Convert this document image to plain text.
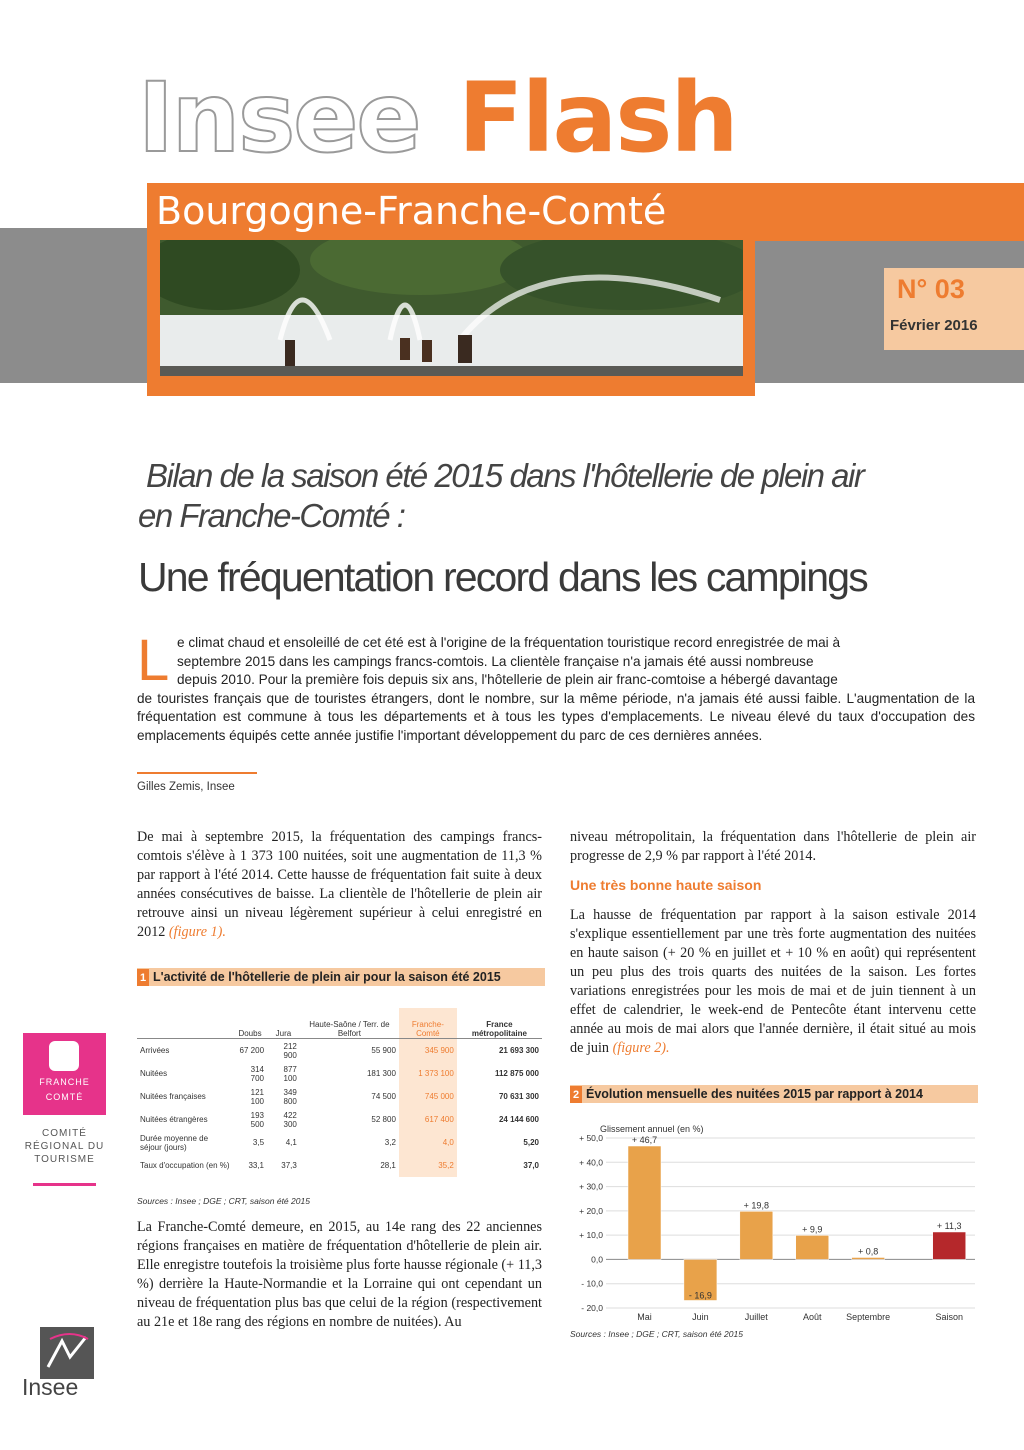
Insee Flash
Bourgogne-Franche-Comté
N° 03
Février 2016
Bilan de la saison été 2015 dans l'hôtellerie de plein air
en Franche-Comté :
Une fréquentation record dans les campings
L e climat chaud et ensoleillé de cet été est à l'origine de la fréquentation touristique record enregistrée de mai à
septembre 2015 dans les campings francs-comtois. La clientèle française n'a jamais été aussi nombreuse
depuis 2010. Pour la première fois depuis six ans, l'hôtellerie de plein air franc-comtoise a hébergé davantage
de touristes français que de touristes étrangers, dont le nombre, sur la même période, n'a jamais été aussi faible. L'augmentation de la fréquentation est commune à tous les départements et à tous les types d'emplacements. Le niveau élevé du taux d'occupation des emplacements équipés cette année justifie l'important développement du parc de ces dernières années.
Gilles Zemis, Insee
De mai à septembre 2015, la fréquentation des campings francs-comtois s'élève à 1 373 100 nuitées, soit une augmentation de 11,3 % par rapport à l'été 2014. Cette hausse de fréquentation fait suite à deux années consécutives de baisse. La clientèle de l'hôtellerie de plein air retrouve ainsi un niveau légèrement supérieur à celui enregistré en 2012 (figure 1).
1 L'activité de l'hôtellerie de plein air pour la saison été 2015
	Doubs	Jura	Haute-Saône / Terr. de Belfort	Franche-Comté	France métropolitaine
Arrivées	67 200	212 900	55 900	345 900	21 693 300
Nuitées	314 700	877 100	181 300	1 373 100	112 875 000
Nuitées françaises	121 100	349 800	74 500	745 000	70 631 300
Nuitées étrangères	193 500	422 300	52 800	617 400	24 144 600
Durée moyenne de séjour (jours)	3,5	4,1	3,2	4,0	5,20
Taux d'occupation (en %)	33,1	37,3	28,1	35,2	37,0
Sources : Insee ; DGE ; CRT, saison été 2015
La Franche-Comté demeure, en 2015, au 14e rang des 22 anciennes régions françaises en matière de fréquentation d'hôtellerie de plein air. Elle enregistre toutefois la troisième plus forte hausse régionale (+ 11,3 %) derrière la Haute-Normandie et la Lorraine qui ont cependant un niveau de fréquentation plus bas que celui de la région (respectivement au 21e et 18e rang des régions en nombre de nuitées). Au
niveau métropolitain, la fréquentation dans l'hôtellerie de plein air progresse de 2,9 % par rapport à l'été 2014.
Une très bonne haute saison
La hausse de fréquentation par rapport à la saison estivale 2014 s'explique essentiellement par une très forte augmentation des nuitées en haute saison (+ 20 % en juillet et + 10 % en août) qui représentent un peu plus des trois quarts des nuitées de la saison. Les fortes variations enregistrées pour les mois de mai et de juin tiennent à un effet de calendrier, le week-end de Pentecôte étant intervenu cette année au mois de mai alors que l'année dernière, il était situé au mois de juin (figure 2).
2 Évolution mensuelle des nuitées 2015 par rapport à 2014
Glissement annuel (en %)
- 20,0
- 10,0
0,0
+ 10,0
+ 20,0
+ 30,0
+ 40,0
+ 50,0	+ 46,7
Mai
- 16,9
Juin
+ 19,8
Juillet
+ 9,9
Août
+ 0,8
Septembre
+ 11,3
Saison
Sources : Insee ; DGE ; CRT, saison été 2015
FRANCHE
COMTÉ
COMITÉ RÉGIONAL DU TOURISME
Insee
